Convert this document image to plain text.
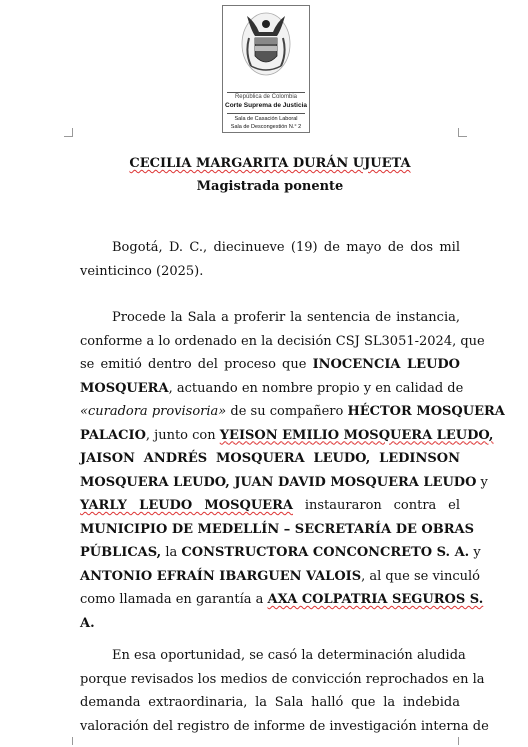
República de Colombia
Corte Suprema de Justicia
Sala de Casación Laboral
Sala de Descongestión N.° 2
CECILIA MARGARITA DURÁN UJUETA
Magistrada ponente
Bogotá, D. C., diecinueve (19) de mayo de dos mil
veinticinco (2025).
Procede la Sala a proferir la sentencia de instancia,
conforme a lo ordenado en la decisión CSJ SL3051-2024, que
se emitió dentro del proceso que INOCENCIA LEUDO
MOSQUERA, actuando en nombre propio y en calidad de
«curadora provisoria» de su compañero HÉCTOR MOSQUERA
PALACIO, junto con YEISON EMILIO MOSQUERA LEUDO,
JAISON ANDRÉS MOSQUERA LEUDO, LEDINSON
MOSQUERA LEUDO, JUAN DAVID MOSQUERA LEUDO y
YARLY LEUDO MOSQUERA instauraron contra el
MUNICIPIO DE MEDELLÍN – SECRETARÍA DE OBRAS
PÚBLICAS, la CONSTRUCTORA CONCONCRETO S. A. y
ANTONIO EFRAÍN IBARGUEN VALOIS, al que se vinculó
como llamada en garantía a AXA COLPATRIA SEGUROS S.
A.
En esa oportunidad, se casó la determinación aludida
porque revisados los medios de convicción reprochados en la
demanda extraordinaria, la Sala halló que la indebida
valoración del registro de informe de investigación interna de
